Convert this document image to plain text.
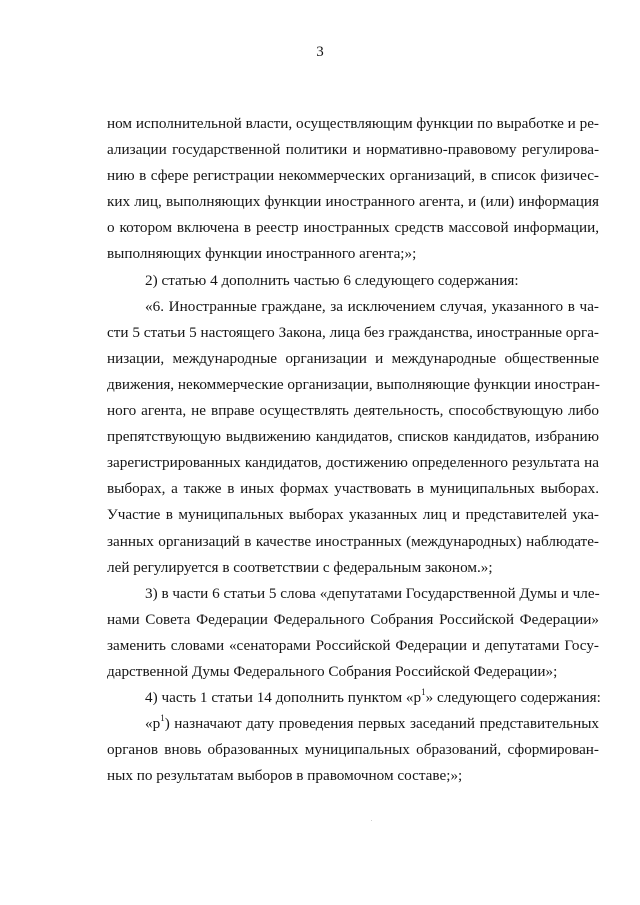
3

ном исполнительной власти, осуществляющим функции по выработке и ре-
ализации государственной политики и нормативно-правовому регулирова-
нию в сфере регистрации некоммерческих организаций, в список физичес-
ких лиц, выполняющих функции иностранного агента, и (или) информация
о котором включена в реестр иностранных средств массовой информации,
выполняющих функции иностранного агента;»;

2) статью 4 дополнить частью 6 следующего содержания:

«6. Иностранные граждане, за исключением случая, указанного в ча-
сти 5 статьи 5 настоящего Закона, лица без гражданства, иностранные орга-
низации, международные организации и международные общественные
движения, некоммерческие организации, выполняющие функции иностран-
ного агента, не вправе осуществлять деятельность, способствующую либо
препятствующую выдвижению кандидатов, списков кандидатов, избранию
зарегистрированных кандидатов, достижению определенного результата на
выборах, а также в иных формах участвовать в муниципальных выборах.
Участие в муниципальных выборах указанных лиц и представителей ука-
занных организаций в качестве иностранных (международных) наблюдате-
лей регулируется в соответствии с федеральным законом.»;

3) в части 6 статьи 5 слова «депутатами Государственной Думы и чле-
нами Совета Федерации Федерального Собрания Российской Федерации»
заменить словами «сенаторами Российской Федерации и депутатами Госу-
дарственной Думы Федерального Собрания Российской Федерации»;

4) часть 1 статьи 14 дополнить пунктом «$р^1$» следующего содержания:

«$р^1$) назначают дату проведения первых заседаний представительных
органов вновь образованных муниципальных образований, сформирован-
ных по результатам выборов в правомочном составе;»;
